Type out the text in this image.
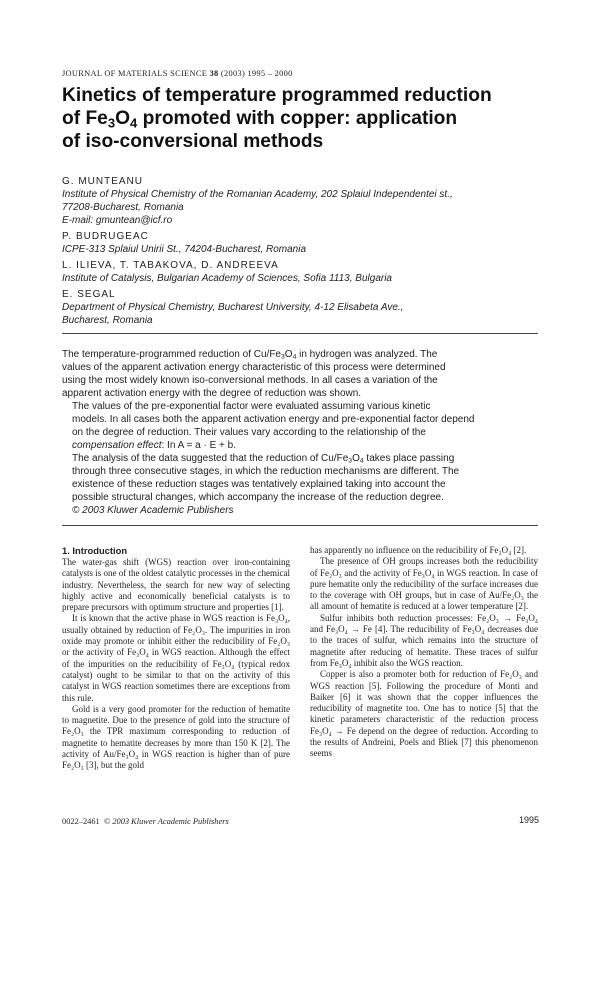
JOURNAL OF MATERIALS SCIENCE 38 (2003) 1995 – 2000
Kinetics of temperature programmed reduction
of $Fe_3O_4$ promoted with copper: application
of iso-conversional methods
G. MUNTEANU
Institute of Physical Chemistry of the Romanian Academy, 202 Splaiul Independentei st.,
77208-Bucharest, Romania
E-mail: gmuntean@icf.ro
P. BUDRUGEAC
ICPE-313 Splaiul Unirii St., 74204-Bucharest, Romania
L. ILIEVA, T. TABAKOVA, D. ANDREEVA
Institute of Catalysis, Bulgarian Academy of Sciences, Sofia 1113, Bulgaria
E. SEGAL
Department of Physical Chemistry, Bucharest University, 4-12 Elisabeta Ave.,
Bucharest, Romania

The temperature-programmed reduction of $Cu/Fe_3O_4$ in hydrogen was analyzed. The
values of the apparent activation energy characteristic of this process were determined
using the most widely known iso-conversional methods. In all cases a variation of the
apparent activation energy with the degree of reduction was shown.

The values of the pre-exponential factor were evaluated assuming various kinetic
models. In all cases both the apparent activation energy and pre-exponential factor depend
on the degree of reduction. Their values vary according to the relationship of the
compensation effect: In A = a · E + b.

The analysis of the data suggested that the reduction of $Cu/Fe_3O_4$ takes place passing
through three consecutive stages, in which the reduction mechanisms are different. The
existence of these reduction stages was tentatively explained taking into account the
possible structural changes, which accompany the increase of the reduction degree.

© 2003 Kluwer Academic Publishers

1. Introduction

The water-gas shift (WGS) reaction over iron-containing catalysts is one of the oldest catalytic processes in the chemical industry. Nevertheless, the search for new way of selecting highly active and economically beneficial catalysts is to prepare precursors with optimum structure and properties [1].

It is known that the active phase in WGS reaction is Fe₃O₄, usually obtained by reduction of Fe₂O₃. The impurities in iron oxide may promote or inhibit either the reducibility of Fe₂O₃ or the activity of Fe₃O₄ in WGS reaction. Although the effect of the impurities on the reducibility of Fe₃O₄ (typical redox catalyst) ought to be similar to that on the activity of this catalyst in WGS reaction sometimes there are exceptions from this rule.

Gold is a very good promoter for the reduction of hematite to magnetite. Due to the presence of gold into the structure of Fe₂O₃ the TPR maximum corresponding to reduction of magnetite to hematite decreases by more than 150 K [2]. The activity of Au/Fe₃O₄ in WGS reaction is higher than of pure Fe₂O₃ [3], but the gold

has apparently no influence on the reducibility of Fe₃O₄ [2].

The presence of OH groups increases both the reducibility of Fe₂O₃ and the activity of Fe₃O₄ in WGS reaction. In case of pure hematite only the reducibility of the surface increases due to the coverage with OH groups, but in case of Au/Fe₂O₃ the all amount of hematite is reduced at a lower temperature [2].

Sulfur inhibits both reduction processes: Fe₂O₃ → Fe₃O₄ and Fe₃O₄ → Fe [4]. The reducibility of Fe₃O₄ decreases due to the traces of sulfur, which remains into the structure of magnetite after reducing of hematite. These traces of sulfur from Fe₃O₄ inhibit also the WGS reaction.

Copper is also a promoter both for reduction of Fe₂O₃ and WGS reaction [5]. Following the procedure of Monti and Baiker [6] it was shown that the copper influences the reducibility of magnetite too. One has to notice [5] that the kinetic parameters characteristic of the reduction process Fe₃O₄ → Fe depend on the degree of reduction. According to the results of Andreini, Poels and Bliek [7] this phenomenon seems

0022–2461 © 2003 Kluwer Academic Publishers	1995
